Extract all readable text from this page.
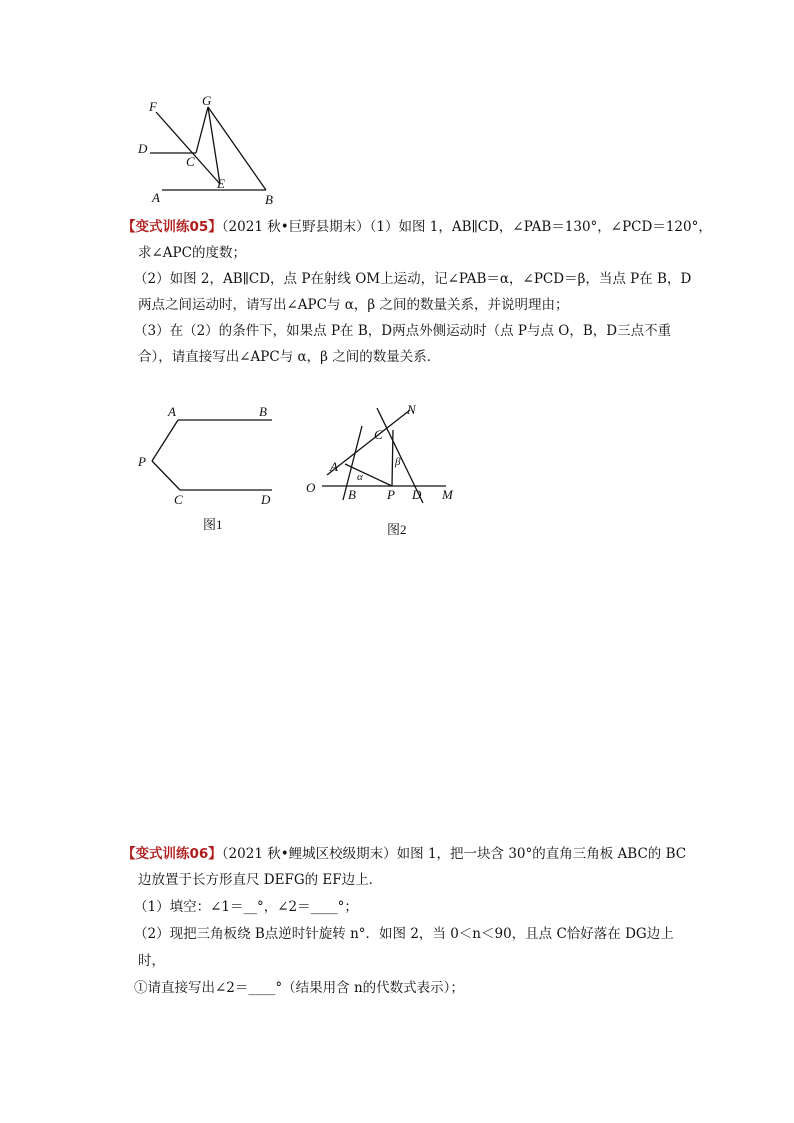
F	G
D
C
E
A	B
【变式训练05】（2021 秋•巨野县期末）（1）如图 1，AB∥CD，∠PAB＝130°，∠PCD＝120°，
求∠APC的度数；
（2）如图 2，AB∥CD，点 P在射线 OM上运动，记∠PAB＝α，∠PCD＝β，当点 P在 B，D
两点之间运动时，请写出∠APC与 α，β 之间的数量关系，并说明理由；
（3）在（2）的条件下，如果点 P在 B，D两点外侧运动时（点 P与点 O，B，D三点不重
合），请直接写出∠APC与 α，β 之间的数量关系．
A	B
P
C	D
图1
N
C
A	β
α
O	B P D M
图2
【变式训练06】（2021 秋•鲤城区校级期末）如图 1，把一块含 30°的直角三角板 ABC的 BC
边放置于长方形直尺 DEFG的 EF边上．
（1）填空：∠1＝__°，∠2＝____°；
（2）现把三角板绕 B点逆时针旋转 n°．如图 2，当 0＜n＜90，且点 C恰好落在 DG边上
时，
①请直接写出∠2＝____°（结果用含 n的代数式表示）；
